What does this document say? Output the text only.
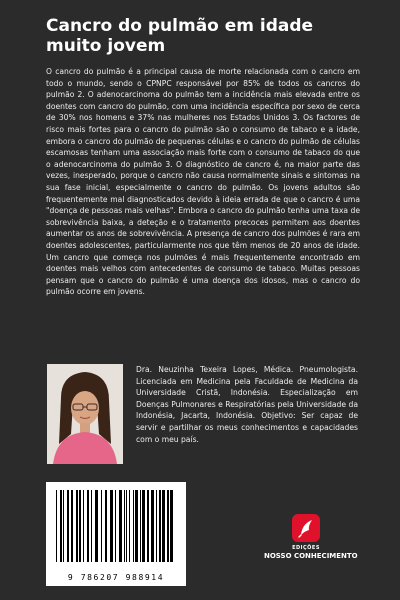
Cancro do pulmão em idade muito jovem

O cancro do pulmão é a principal causa de morte relacionada com o cancro em todo o mundo, sendo o CPNPC responsável por 85% de todos os cancros do pulmão 2. O adenocarcinoma do pulmão tem a incidência mais elevada entre os doentes com cancro do pulmão, com uma incidência específica por sexo de cerca de 30% nos homens e 37% nas mulheres nos Estados Unidos 3. Os factores de risco mais fortes para o cancro do pulmão são o consumo de tabaco e a idade, embora o cancro do pulmão de pequenas células e o cancro do pulmão de células escamosas tenham uma associação mais forte com o consumo de tabaco do que o adenocarcinoma do pulmão 3. O diagnóstico de cancro é, na maior parte das vezes, inesperado, porque o cancro não causa normalmente sinais e sintomas na sua fase inicial, especialmente o cancro do pulmão. Os jovens adultos são frequentemente mal diagnosticados devido à ideia errada de que o cancro é uma "doença de pessoas mais velhas". Embora o cancro do pulmão tenha uma taxa de sobrevivência baixa, a deteção e o tratamento precoces permitem aos doentes aumentar os anos de sobrevivência. A presença de cancro dos pulmões é rara em doentes adolescentes, particularmente nos que têm menos de 20 anos de idade. Um cancro que começa nos pulmões é mais frequentemente encontrado em doentes mais velhos com antecedentes de consumo de tabaco. Muitas pessoas pensam que o cancro do pulmão é uma doença dos idosos, mas o cancro do pulmão ocorre em jovens.

Dra. Neuzinha Texeira Lopes, Médica. Pneumologista. Licenciada em Medicina pela Faculdade de Medicina da Universidade Cristã, Indonésia. Especialização em Doenças Pulmonares e Respiratórias pela Universidade da Indonésia, Jacarta, Indonésia. Objetivo: Ser capaz de servir e partilhar os meus conhecimentos e capacidades com o meu país.

9 786207 988914
EDIÇÕES
NOSSO CONHECIMENTO
